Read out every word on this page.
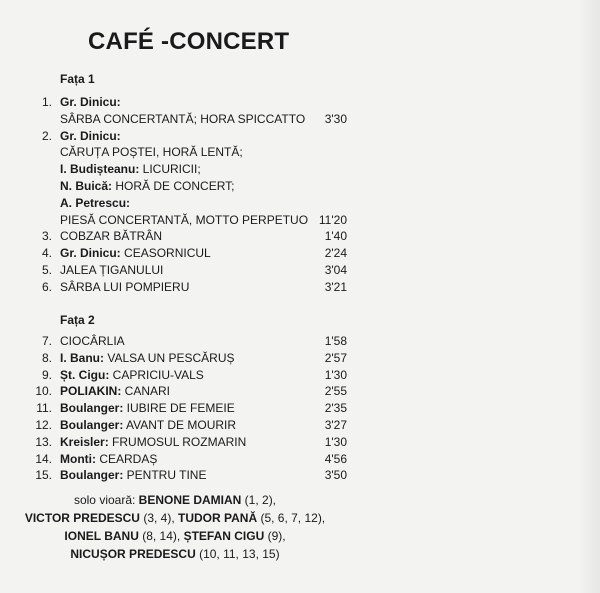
CAFÉ -CONCERT
Fața 1
1. Gr. Dinicu:
SÂRBA CONCERTANTĂ; HORA SPICCATTO	3'30
2. Gr. Dinicu:
CĂRUȚA POȘTEI, HORĂ LENTĂ;
I. Budișteanu: LICURICII;
N. Buică: HORĂ DE CONCERT;
A. Petrescu:
PIESĂ CONCERTANTĂ, MOTTO PERPETUO 11'20
3. COBZAR BĂTRÂN	1'40
4. Gr. Dinicu: CEASORNICUL	2'24
5. JALEA ȚIGANULUI	3'04
6. SÂRBA LUI POMPIERU	3'21
Fața 2
7. CIOCÂRLIA	1'58
8. I. Banu: VALSA UN PESCĂRUȘ	2'57
9. Șt. Cigu: CAPRICIU-VALS	1'30
10. POLIAKIN: CANARI	2'55
11. Boulanger: IUBIRE DE FEMEIE	2'35
12. Boulanger: AVANT DE MOURIR	3'27
13. Kreisler: FRUMOSUL ROZMARIN	1'30
14. Monti: CEARDAȘ	4'56
15. Boulanger: PENTRU TINE	3'50
solo vioară: BENONE DAMIAN (1, 2),
VICTOR PREDESCU (3, 4), TUDOR PANĂ (5, 6, 7, 12),
IONEL BANU (8, 14), ȘTEFAN CIGU (9),
NICUȘOR PREDESCU (10, 11, 13, 15)
